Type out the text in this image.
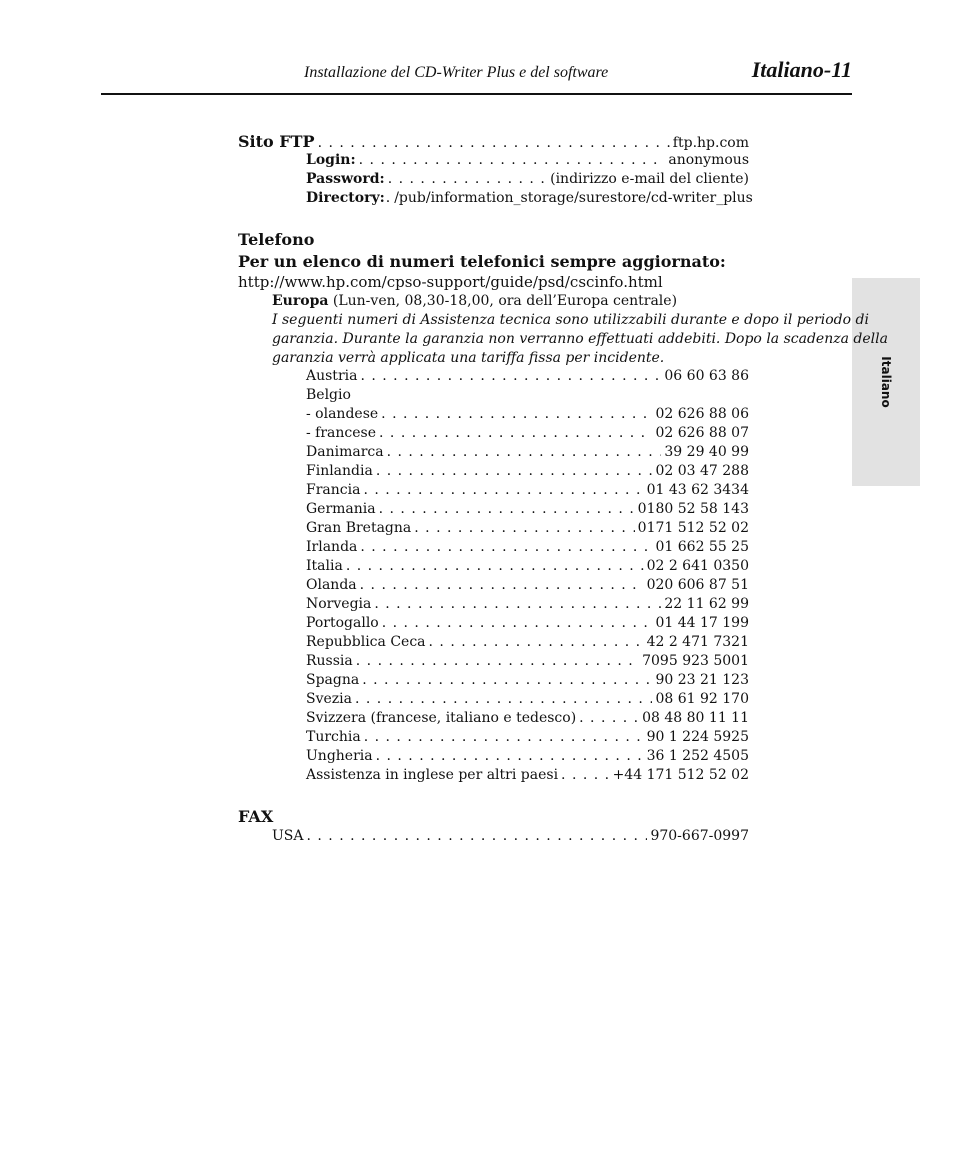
Installazione del CD-Writer Plus e del software	Italiano-11
Italiano
Sito FTP . . .	ftp.hp.com
Login: . . .	anonymous
Password: . . .	(indirizzo e-mail del cliente)
Directory: . /pub/information_storage/surestore/cd-writer_plus
Telefono
Per un elenco di numeri telefonici sempre aggiornato:
http://www.hp.com/cpso-support/guide/psd/cscinfo.html
Europa (Lun-ven, 08,30-18,00, ora dell’Europa centrale)
I seguenti numeri di Assistenza tecnica sono utilizzabili durante e dopo il periodo di
garanzia. Durante la garanzia non verranno effettuati addebiti. Dopo la scadenza della
garanzia verrà applicata una tariffa fissa per incidente.
Austria . . .	06 60 63 86
Belgio
- olandese . . .	02 626 88 06
- francese . . .	02 626 88 07
Danimarca . . .	39 29 40 99
Finlandia . . .	02 03 47 288
Francia . . .	01 43 62 3434
Germania . . .	0180 52 58 143
Gran Bretagna . . .	0171 512 52 02
Irlanda . . .	01 662 55 25
Italia . . .	02 2 641 0350
Olanda . . .	020 606 87 51
Norvegia . . .	22 11 62 99
Portogallo . . .	01 44 17 199
Repubblica Ceca . . .	42 2 471 7321
Russia . . .	7095 923 5001
Spagna . . .	90 23 21 123
Svezia . . .	08 61 92 170
Svizzera (francese, italiano e tedesco) . . .	08 48 80 11 11
Turchia . . .	90 1 224 5925
Ungheria . . .	36 1 252 4505
Assistenza in inglese per altri paesi . . .	+44 171 512 52 02
FAX
USA . . .	970-667-0997
